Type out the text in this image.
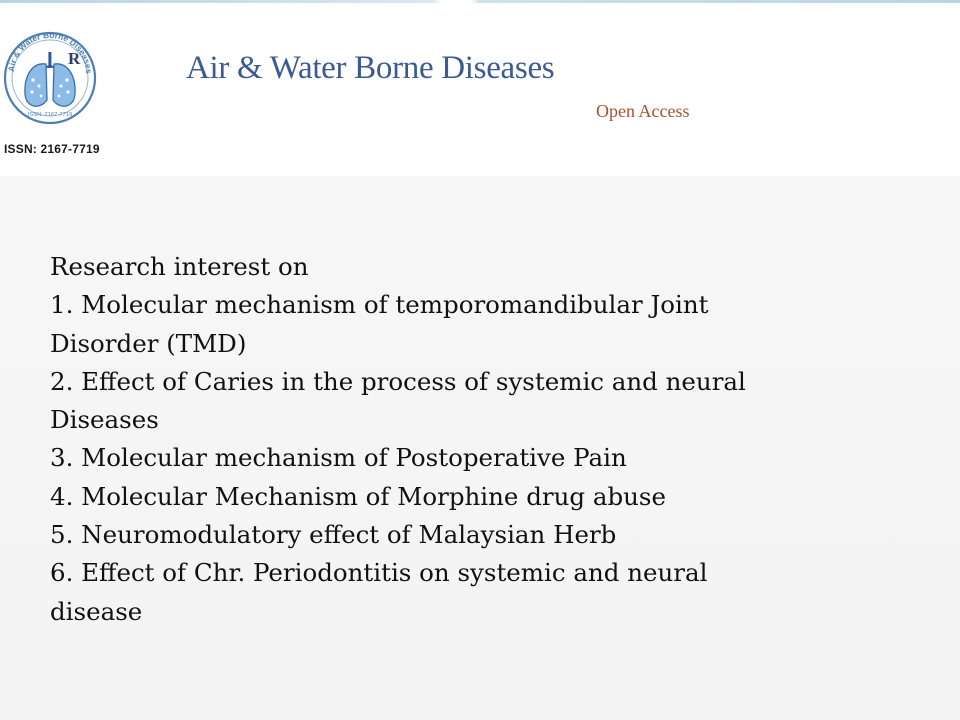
Air & Water Borne Diseases
R
ISSN: 2167-7719
ISSN: 2167-7719
Air & Water Borne Diseases
Open Access
Research interest on
1. Molecular mechanism of temporomandibular Joint
Disorder (TMD)
2. Effect of Caries in the process of systemic and neural
Diseases
3. Molecular mechanism of Postoperative Pain
4. Molecular Mechanism of Morphine drug abuse
5. Neuromodulatory effect of Malaysian Herb
6. Effect of Chr. Periodontitis on systemic and neural
disease
